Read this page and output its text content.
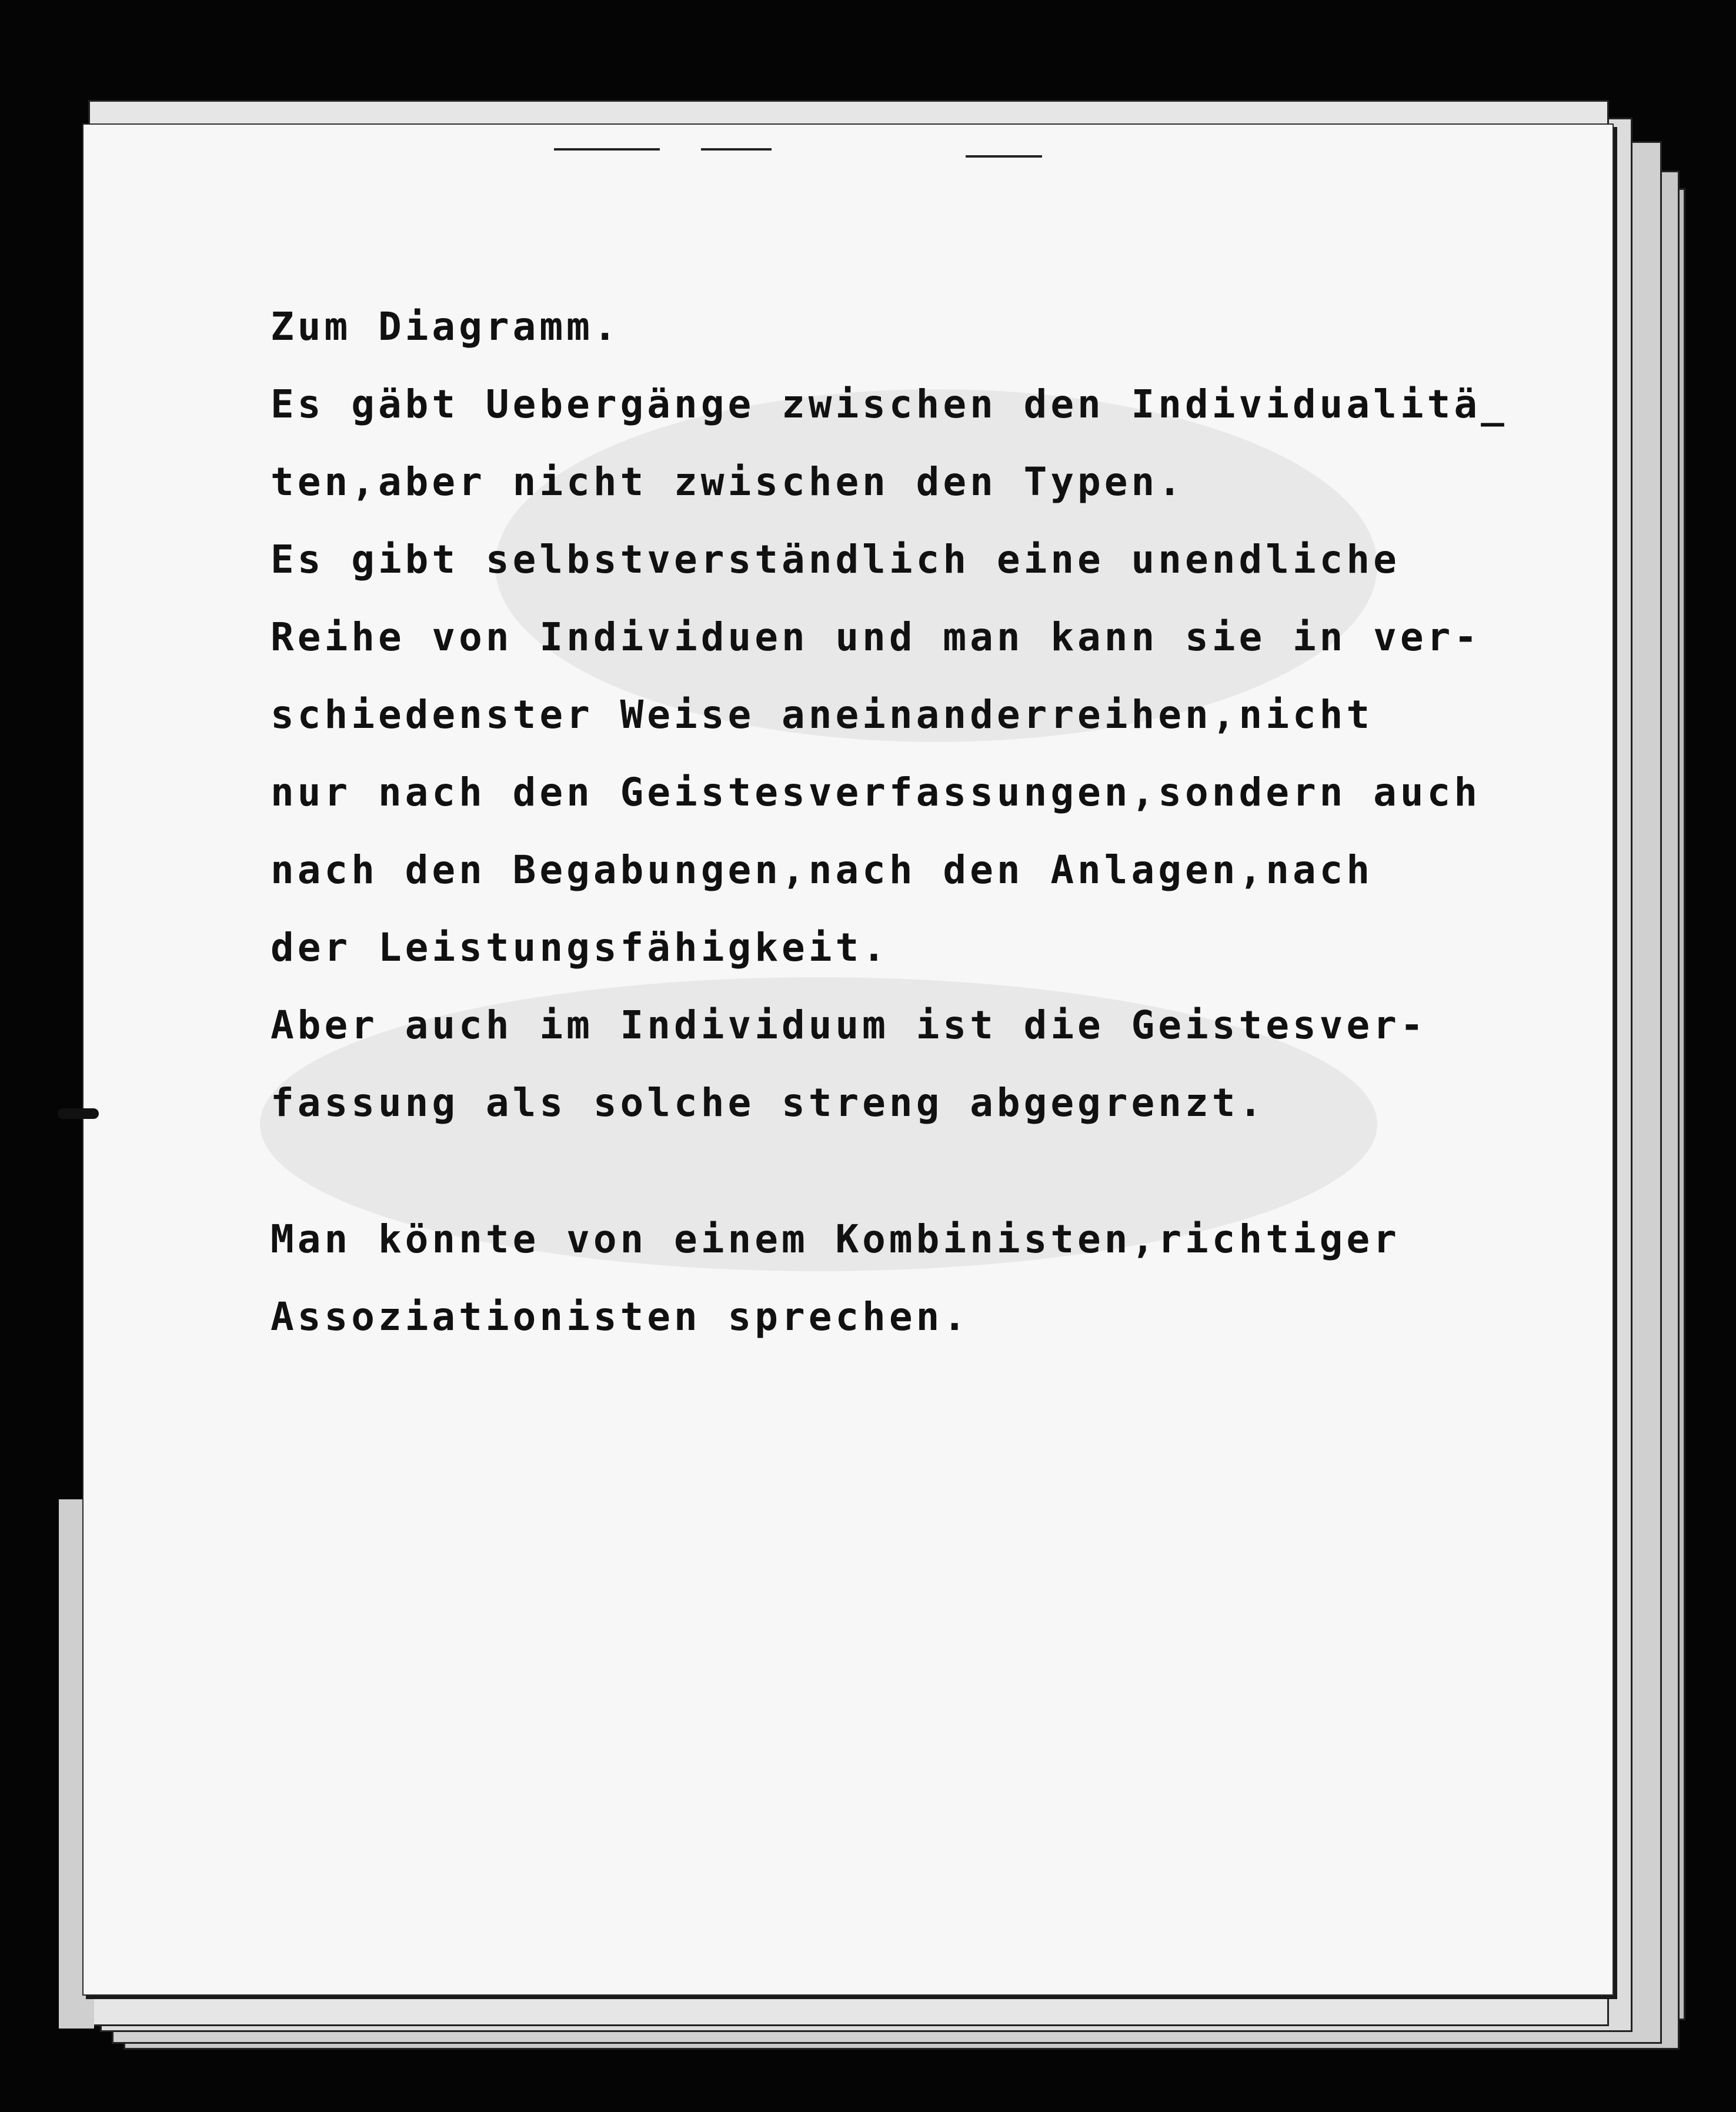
Zum Diagramm.
Es gäbt Uebergänge zwischen den Individualitä_
ten,aber nicht zwischen den Typen.
Es gibt selbstverständlich eine unendliche
Reihe von Individuen und man kann sie in ver-
schiedenster Weise aneinanderreihen,nicht
nur nach den Geistesverfassungen,sondern auch
nach den Begabungen,nach den Anlagen,nach
der Leistungsfähigkeit.
Aber auch im Individuum ist die Geistesver-
fassung als solche streng abgegrenzt.
Man könnte von einem Kombinisten,richtiger
Assoziationisten sprechen.
